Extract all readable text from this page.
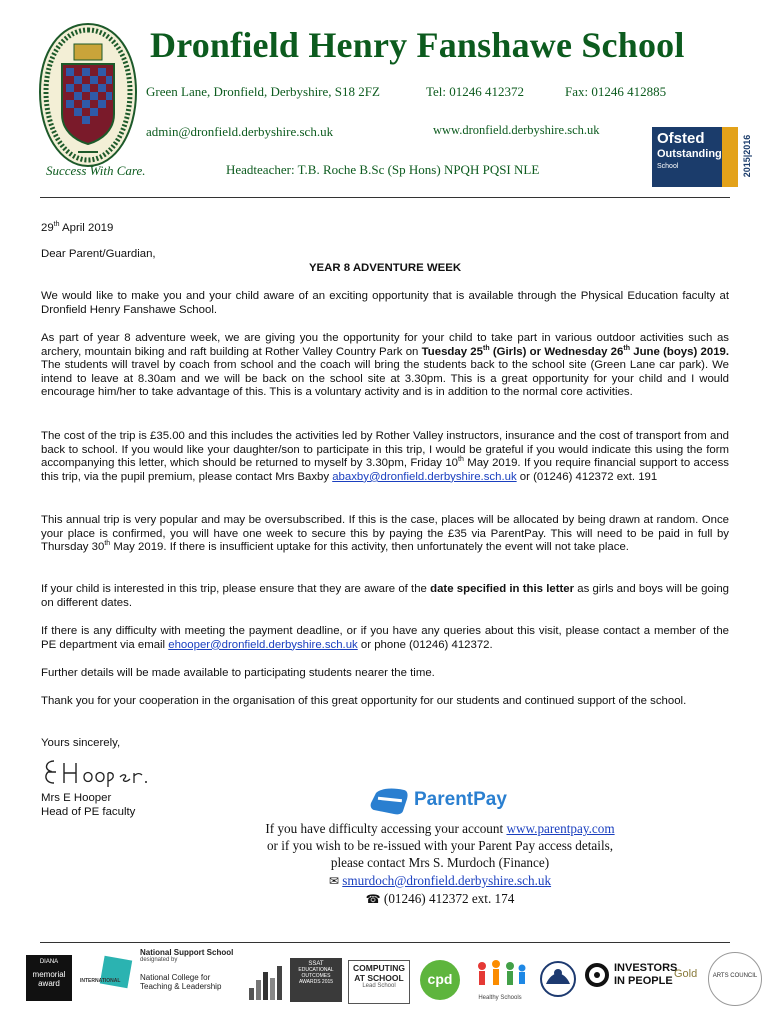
Dronfield Henry Fanshawe School
Green Lane, Dronfield, Derbyshire, S18 2FZ	Tel: 01246 412372	Fax: 01246 412885
admin@dronfield.derbyshire.sch.uk	www.dronfield.derbyshire.sch.uk
Success With Care.	Headteacher: T.B. Roche B.Sc (Sp Hons) NPQH PQSI NLE
Ofsted
Outstanding
School	2015|2016
29th April 2019
Dear Parent/Guardian,
YEAR 8 ADVENTURE WEEK
We would like to make you and your child aware of an exciting opportunity that is available through the Physical Education faculty at Dronfield Henry Fanshawe School.
As part of year 8 adventure week, we are giving you the opportunity for your child to take part in various outdoor activities such as archery, mountain biking and raft building at Rother Valley Country Park on Tuesday 25th (Girls) or Wednesday 26th June (boys) 2019. The students will travel by coach from school and the coach will bring the students back to the school site (Green Lane car park). We intend to leave at 8.30am and we will be back on the school site at 3.30pm. This is a great opportunity for your child and I would encourage him/her to take advantage of this. This is a voluntary activity and is in addition to the normal core activities.
The cost of the trip is £35.00 and this includes the activities led by Rother Valley instructors, insurance and the cost of transport from and back to school. If you would like your daughter/son to participate in this trip, I would be grateful if you would indicate this using the form accompanying this letter, which should be returned to myself by 3.30pm, Friday 10th May 2019. If you require financial support to access this trip, via the pupil premium, please contact Mrs Baxby abaxby@dronfield.derbyshire.sch.uk or (01246) 412372 ext. 191
This annual trip is very popular and may be oversubscribed. If this is the case, places will be allocated by being drawn at random. Once your place is confirmed, you will have one week to secure this by paying the £35 via ParentPay. This will need to be paid in full by Thursday 30th May 2019. If there is insufficient uptake for this activity, then unfortunately the event will not take place.
If your child is interested in this trip, please ensure that they are aware of the date specified in this letter as girls and boys will be going on different dates.
If there is any difficulty with meeting the payment deadline, or if you have any queries about this visit, please contact a member of the PE department via email ehooper@dronfield.derbyshire.sch.uk or phone (01246) 412372.
Further details will be made available to participating students nearer the time.
Thank you for your cooperation in the organisation of this great opportunity for our students and continued support of the school.
Yours sincerely,
Mrs E Hooper
Head of PE faculty
ParentPay
If you have difficulty accessing your account www.parentpay.com
or if you wish to be re-issued with your Parent Pay access details,
please contact Mrs S. Murdoch (Finance)
✉ smurdoch@dronfield.derbyshire.sch.uk
☎ (01246) 412372 ext. 174
DIANA
memorial
award	INTERNATIONAL
National Support School
designated by
National College for
Teaching & Leadership
SSAT
EDUCATIONAL
OUTCOMES
AWARDS 2015
COMPUTING
AT SCHOOL
Lead School	cpd
Healthy Schools
INVESTORS
IN PEOPLE
Gold	ARTS COUNCIL
